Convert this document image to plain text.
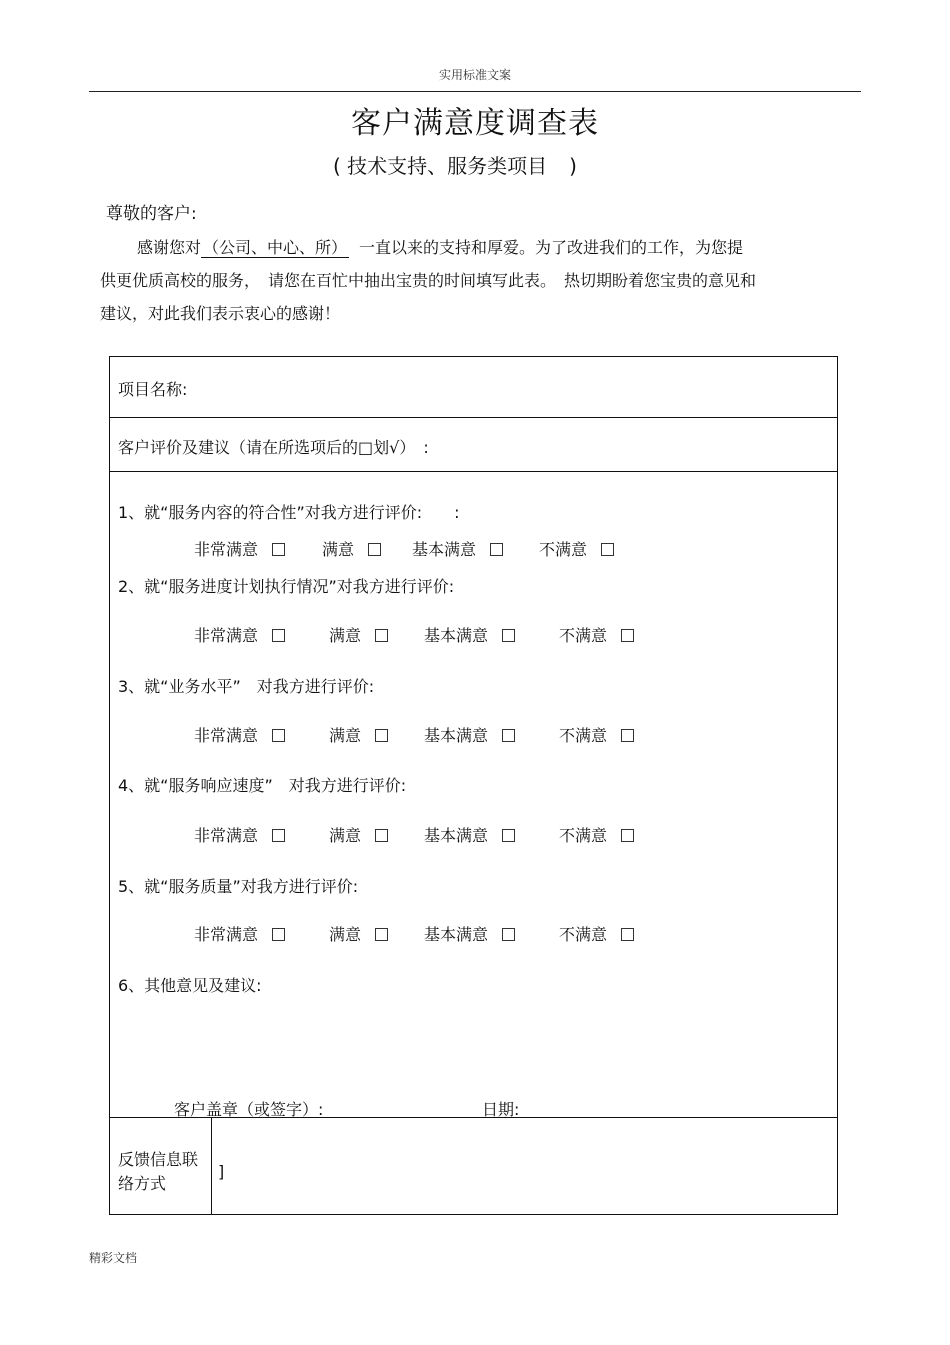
实用标准文案
客户满意度调查表
( 技术支持、服务类项目 )
尊敬的客户:
感谢您对 （公司、中心、所） 一直以来的支持和厚爱。为了改进我们的工作，为您提
供更优质高校的服务，　请您在百忙中抽出宝贵的时间填写此表。　热切期盼着您宝贵的意见和
建议，对此我们表示衷心的感谢！
项目名称:
客户评价及建议（请在所选项后的□划√）　:
1、就“服务内容的符合性”对我方进行评价:　　:
非常满意	满意	基本满意	不满意
2、就“服务进度计划执行情况”对我方进行评价:
非常满意	满意	基本满意	不满意
3、就“业务水平”　对我方进行评价:
非常满意	满意	基本满意	不满意
4、就“服务响应速度”　对我方进行评价:
非常满意	满意	基本满意	不满意
5、就“服务质量”对我方进行评价:
非常满意	满意	基本满意	不满意
6、其他意见及建议:
客户盖章（或签字）:	日期:
反馈信息联络方式
]
精彩文档
